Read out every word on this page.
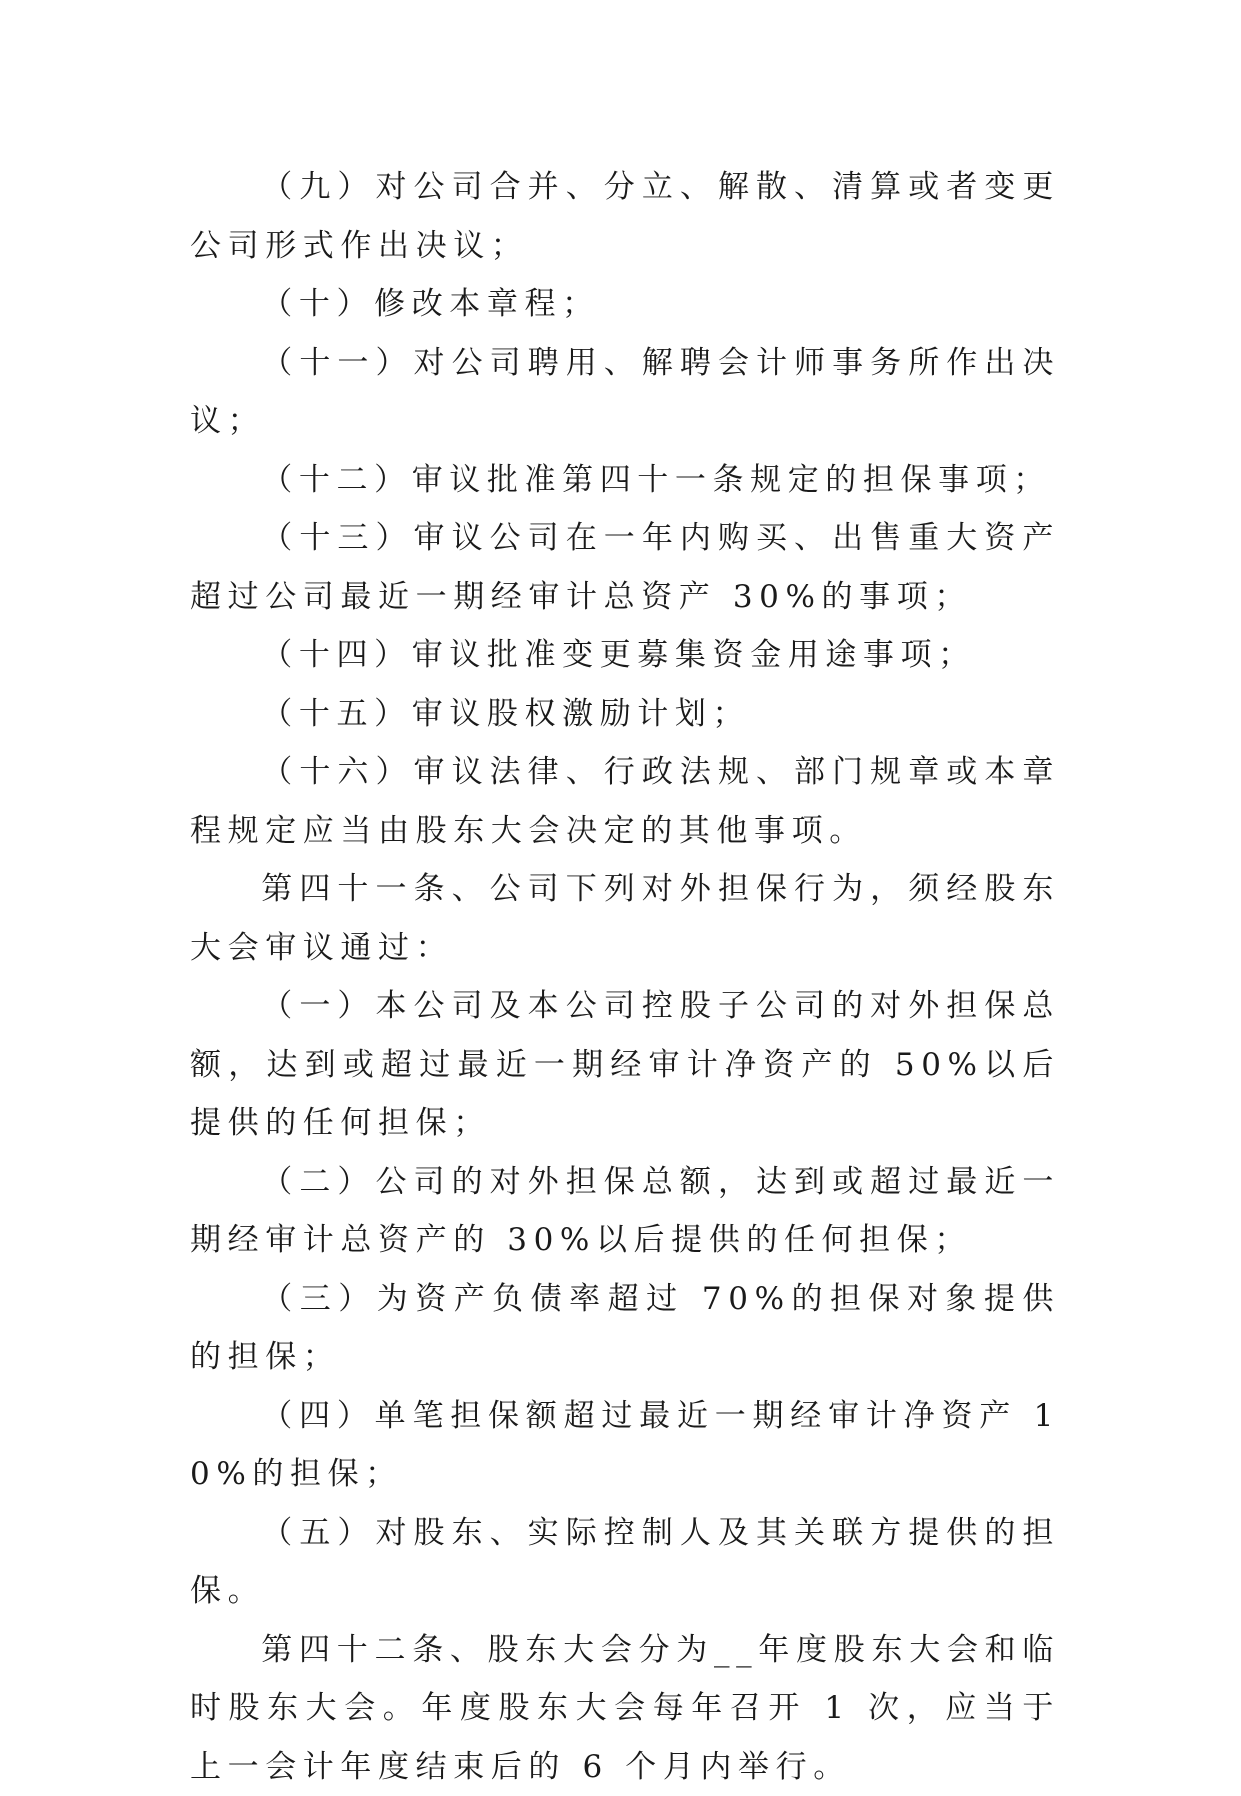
（九）对公司合并、分立、解散、清算或者变更公司形式作出决议；

（十）修改本章程；

（十一）对公司聘用、解聘会计师事务所作出决议；

（十二）审议批准第四十一条规定的担保事项；

（十三）审议公司在一年内购买、出售重大资产超过公司最近一期经审计总资产 30%的事项；

（十四）审议批准变更募集资金用途事项；

（十五）审议股权激励计划；

（十六）审议法律、行政法规、部门规章或本章程规定应当由股东大会决定的其他事项。

第四十一条、公司下列对外担保行为，须经股东大会审议通过：

（一）本公司及本公司控股子公司的对外担保总额，达到或超过最近一期经审计净资产的 50%以后提供的任何担保；

（二）公司的对外担保总额，达到或超过最近一期经审计总资产的 30%以后提供的任何担保；

（三）为资产负债率超过 70%的担保对象提供的担保；

（四）单笔担保额超过最近一期经审计净资产 10%的担保；

（五）对股东、实际控制人及其关联方提供的担保。

第四十二条、股东大会分为__年度股东大会和临时股东大会。年度股东大会每年召开 1 次，应当于上一会计年度结束后的 6 个月内举行。
